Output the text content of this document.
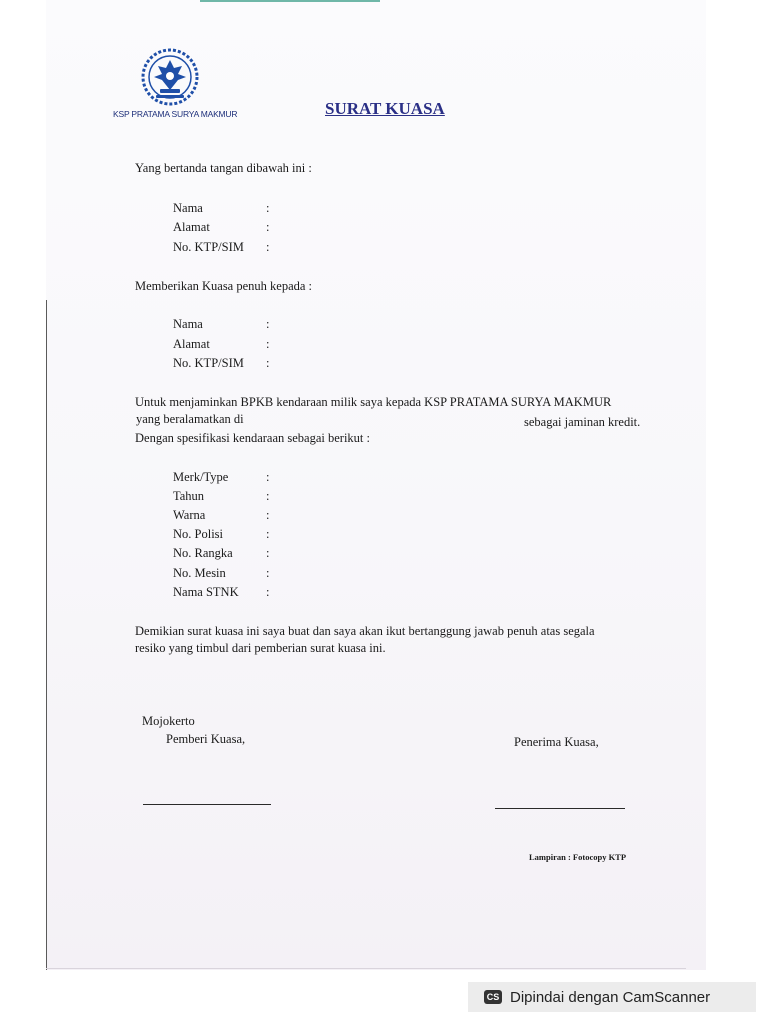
KSP PRATAMA SURYA MAKMUR	SURAT KUASA
Yang bertanda tangan dibawah ini :
Nama	:
Alamat	:
No. KTP/SIM :
Memberikan Kuasa penuh kepada :
Nama	:
Alamat	:
No. KTP/SIM :
Untuk menjaminkan BPKB kendaraan milik saya kepada KSP PRATAMA SURYA MAKMUR
yang beralamatkan di	sebagai jaminan kredit.
Dengan spesifikasi kendaraan sebagai berikut :
Merk/Type	:
Tahun	:
Warna	:
No. Polisi	:
No. Rangka	:
No. Mesin	:
Nama STNK :
Demikian surat kuasa ini saya buat dan saya akan ikut bertanggung jawab penuh atas segala
resiko yang timbul dari pemberian surat kuasa ini.
Mojokerto
Pemberi Kuasa,	Penerima Kuasa,
Lampiran : Fotocopy KTP
CS Dipindai dengan CamScanner
